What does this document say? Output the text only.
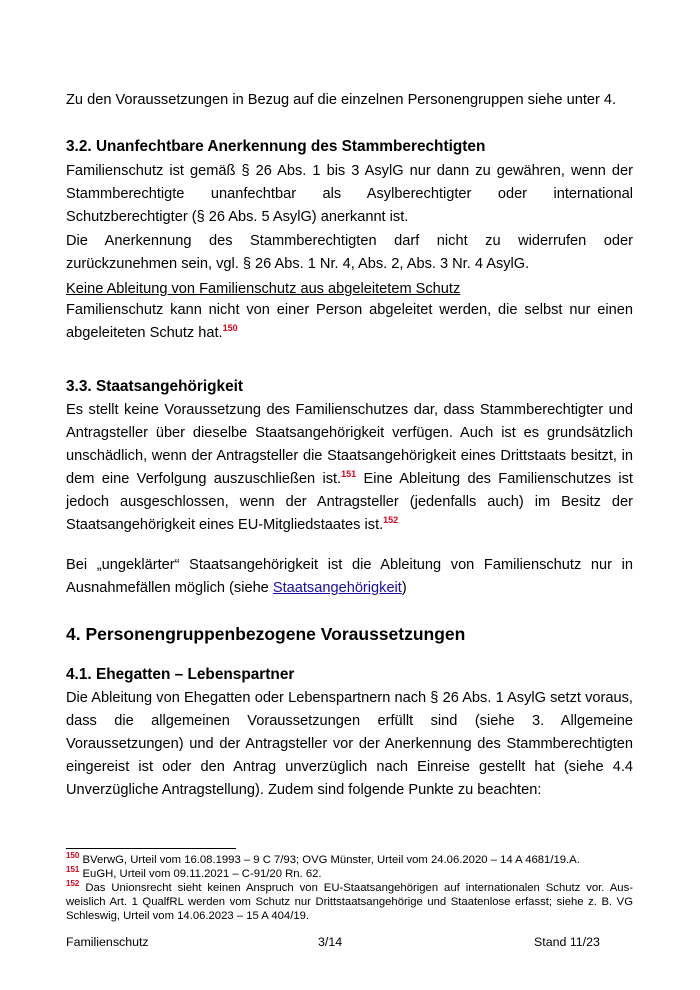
Zu den Voraussetzungen in Bezug auf die einzelnen Personengruppen siehe unter 4.

3.2. Unanfechtbare Anerkennung des Stammberechtigten

Familienschutz ist gemäß § 26 Abs. 1 bis 3 AsylG nur dann zu gewähren, wenn der Stammberechtigte unanfechtbar als Asylberechtigter oder international Schutzberechtigter (§ 26 Abs. 5 AsylG) anerkannt ist.

Die Anerkennung des Stammberechtigten darf nicht zu widerrufen oder zurückzunehmen sein, vgl. § 26 Abs. 1 Nr. 4, Abs. 2, Abs. 3 Nr. 4 AsylG.

Keine Ableitung von Familienschutz aus abgeleitetem Schutz

Familienschutz kann nicht von einer Person abgeleitet werden, die selbst nur einen abgeleiteten Schutz hat.$^{150}$

3.3. Staatsangehörigkeit

Es stellt keine Voraussetzung des Familienschutzes dar, dass Stammberechtigter und Antragsteller über dieselbe Staatsangehörigkeit verfügen. Auch ist es grundsätzlich unschädlich, wenn der Antragsteller die Staatsangehörigkeit eines Drittstaats besitzt, in dem eine Verfolgung auszuschließen ist.$^{151}$ Eine Ableitung des Familienschutzes ist jedoch ausgeschlossen, wenn der Antragsteller (jedenfalls auch) im Besitz der Staatsangehörigkeit eines EU-Mitgliedstaates ist.$^{152}$

Bei „ungeklärter“ Staatsangehörigkeit ist die Ableitung von Familienschutz nur in Ausnahmefällen möglich (siehe Staatsangehörigkeit)

4. Personengruppenbezogene Voraussetzungen
4.1. Ehegatten – Lebenspartner

Die Ableitung von Ehegatten oder Lebenspartnern nach § 26 Abs. 1 AsylG setzt voraus, dass die allgemeinen Voraussetzungen erfüllt sind (siehe 3. Allgemeine Voraussetzungen) und der Antragsteller vor der Anerkennung des Stammberechtigten eingereist ist oder den Antrag unverzüglich nach Einreise gestellt hat (siehe 4.4 Unverzügliche Antragstellung). Zudem sind folgende Punkte zu beachten:

$^{150}$ BVerwG, Urteil vom 16.08.1993 – 9 C 7/93; OVG Münster, Urteil vom 24.06.2020 – 14 A 4681/19.A.
$^{151}$ EuGH, Urteil vom 09.11.2021 – C-91/20 Rn. 62.
$^{152}$ Das Unionsrecht sieht keinen Anspruch von EU-Staatsangehörigen auf internationalen Schutz vor. Ausweislich Art. 1 QualfRL werden vom Schutz nur Drittstaatsangehörige und Staatenlose erfasst; siehe z. B. VG Schleswig, Urteil vom 14.06.2023 – 15 A 404/19.
Familienschutz	3/14	Stand 11/23
